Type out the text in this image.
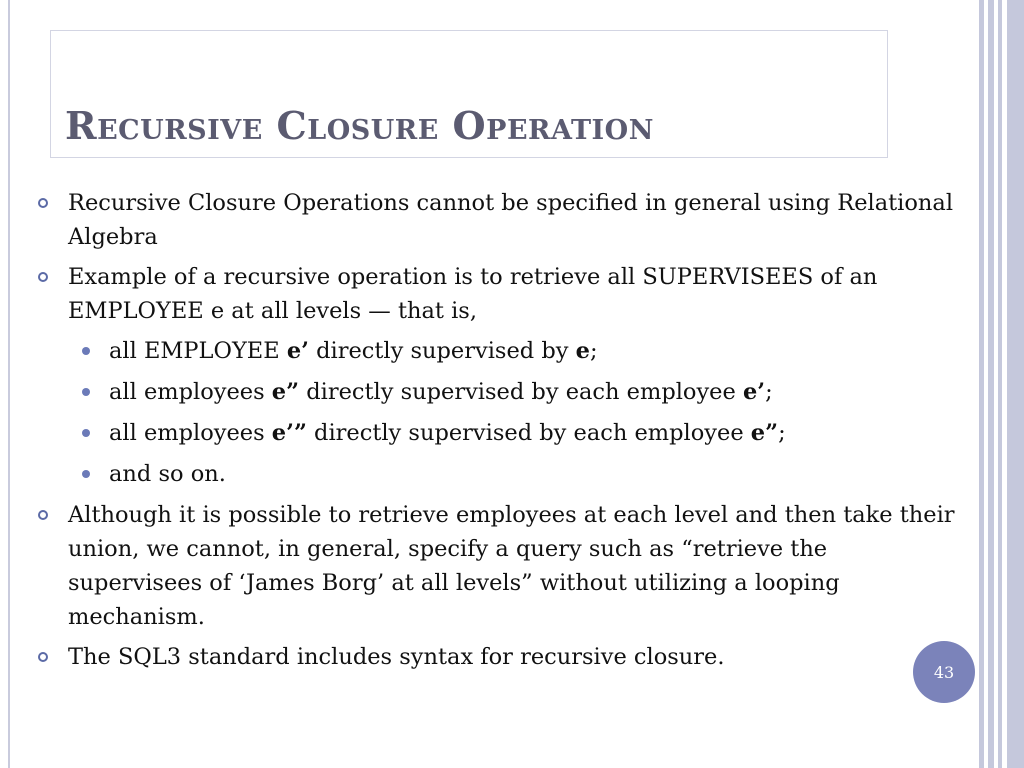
Recursive Closure Operation
Recursive Closure Operations cannot be specified in general using Relational Algebra
Example of a recursive operation is to retrieve all SUPERVISEES of an EMPLOYEE e at all levels — that is,
all EMPLOYEE e’ directly supervised by e;
all employees e” directly supervised by each employee e’;
all employees e’” directly supervised by each employee e”;
and so on.
Although it is possible to retrieve employees at each level and then take their union, we cannot, in general, specify a query such as “retrieve the supervisees of ‘James Borg’ at all levels” without utilizing a looping mechanism.
The SQL3 standard includes syntax for recursive closure.
43
